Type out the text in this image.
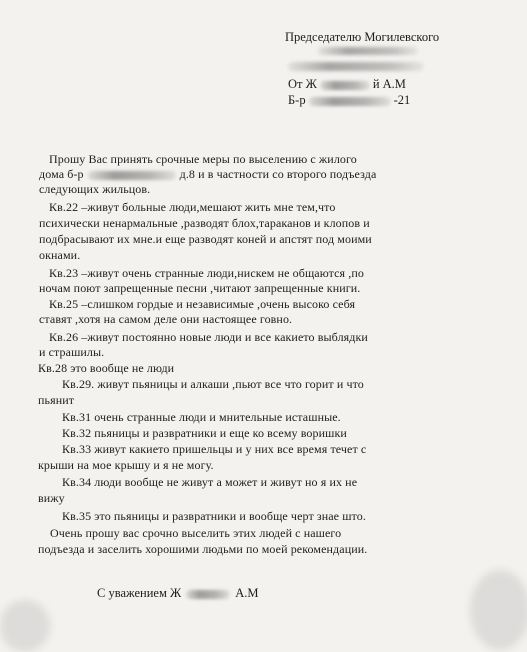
Председателю Могилевского
От Ж	й А.М
Б-р	-21
Прошу Вас принять срочные меры по выселению с жилого
дома б-р	д.8 и в частности со второго подъезда
следующих жильцов.
Кв.22 –живут больные люди,мешают жить мне тем,что
психически ненармальные ,разводят блох,тараканов и клопов и
подбрасывают их мне.и еще разводят коней и апстят под моими
окнами.
Кв.23 –живут очень странные люди,нискем не общаются ,по
ночам поют запрещенные песни ,читают запрещенные книги.
Кв.25 –слишком гордые и независимые ,очень высоко себя
ставят ,хотя на самом деле они настоящее говно.
Кв.26 –живут постоянно новые люди и все какието выблядки
и страшилы.
Кв.28 это вообще не люди
Кв.29. живут пьяницы и алкаши ,пьют все что горит и что
пьянит
Кв.31 очень странные люди и мнительные исташные.
Кв.32 пьяницы и развратники и еще ко всему воришки
Кв.33 живут какието пришельцы и у них все время течет с
крыши на мое крышу и я не могу.
Кв.34 люди вообще не живут а может и живут но я их не
вижу
Кв.35 это пьяницы и развратники и вообще черт знае што.
Очень прошу вас срочно выселить этих людей с нашего
подъезда и заселить хорошими людьми по моей рекомендации.
С уважением Ж	А.М
